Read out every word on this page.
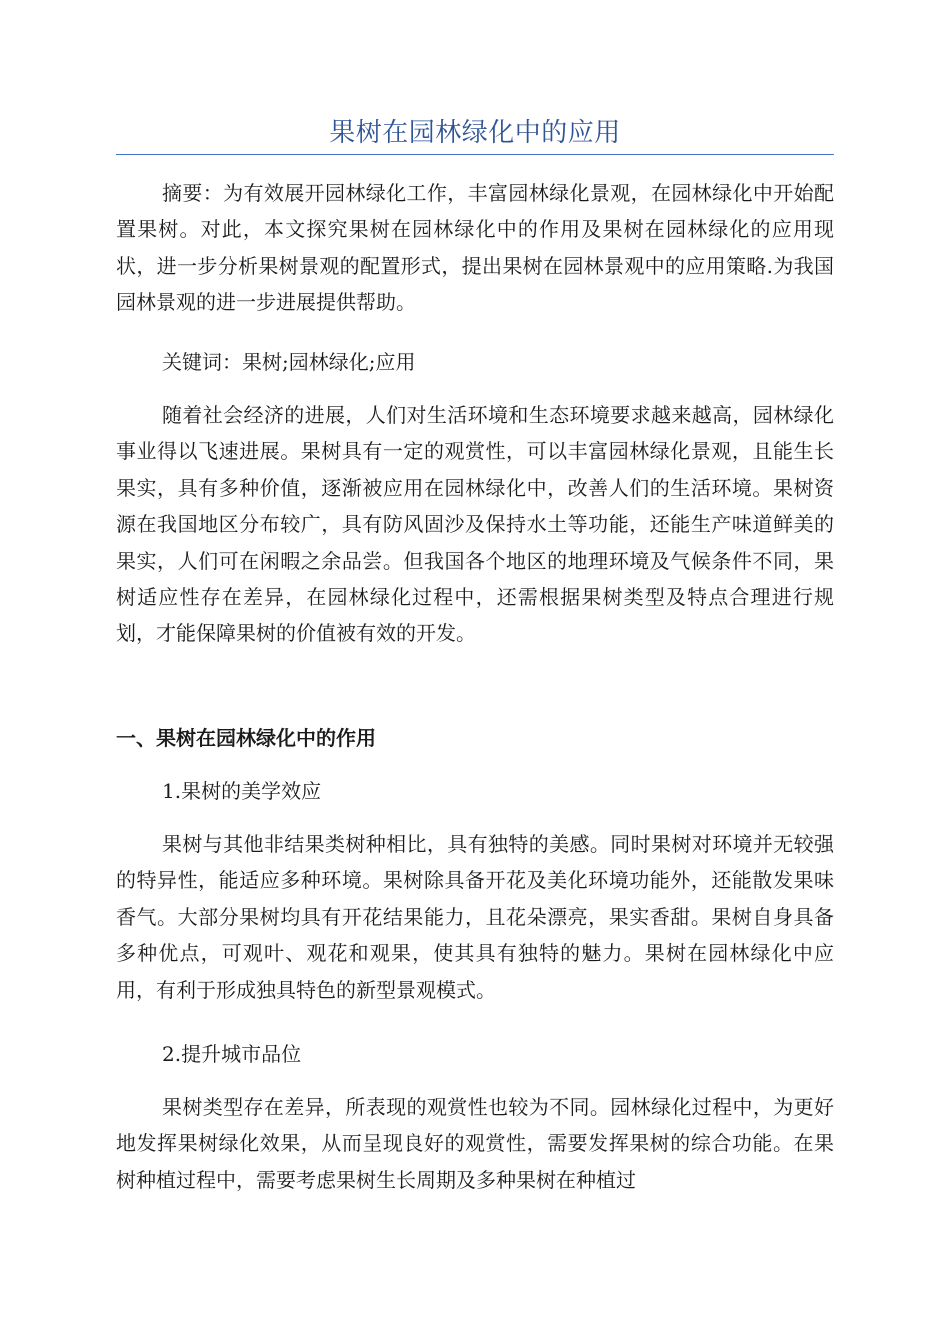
果树在园林绿化中的应用

摘要：为有效展开园林绿化工作，丰富园林绿化景观，在园林绿化中开始配置果树。对此，本文探究果树在园林绿化中的作用及果树在园林绿化的应用现状，进一步分析果树景观的配置形式，提出果树在园林景观中的应用策略.为我国园林景观的进一步进展提供帮助。

关键词：果树;园林绿化;应用

随着社会经济的进展，人们对生活环境和生态环境要求越来越高，园林绿化事业得以飞速进展。果树具有一定的观赏性，可以丰富园林绿化景观，且能生长果实，具有多种价值，逐渐被应用在园林绿化中，改善人们的生活环境。果树资源在我国地区分布较广，具有防风固沙及保持水土等功能，还能生产味道鲜美的果实，人们可在闲暇之余品尝。但我国各个地区的地理环境及气候条件不同，果树适应性存在差异，在园林绿化过程中，还需根据果树类型及特点合理进行规划，才能保障果树的价值被有效的开发。

一、果树在园林绿化中的作用

1.果树的美学效应

果树与其他非结果类树种相比，具有独特的美感。同时果树对环境并无较强的特异性，能适应多种环境。果树除具备开花及美化环境功能外，还能散发果味香气。大部分果树均具有开花结果能力，且花朵漂亮，果实香甜。果树自身具备多种优点，可观叶、观花和观果，使其具有独特的魅力。果树在园林绿化中应用，有利于形成独具特色的新型景观模式。

2.提升城市品位

果树类型存在差异，所表现的观赏性也较为不同。园林绿化过程中，为更好地发挥果树绿化效果，从而呈现良好的观赏性，需要发挥果树的综合功能。在果树种植过程中，需要考虑果树生长周期及多种果树在种植过
